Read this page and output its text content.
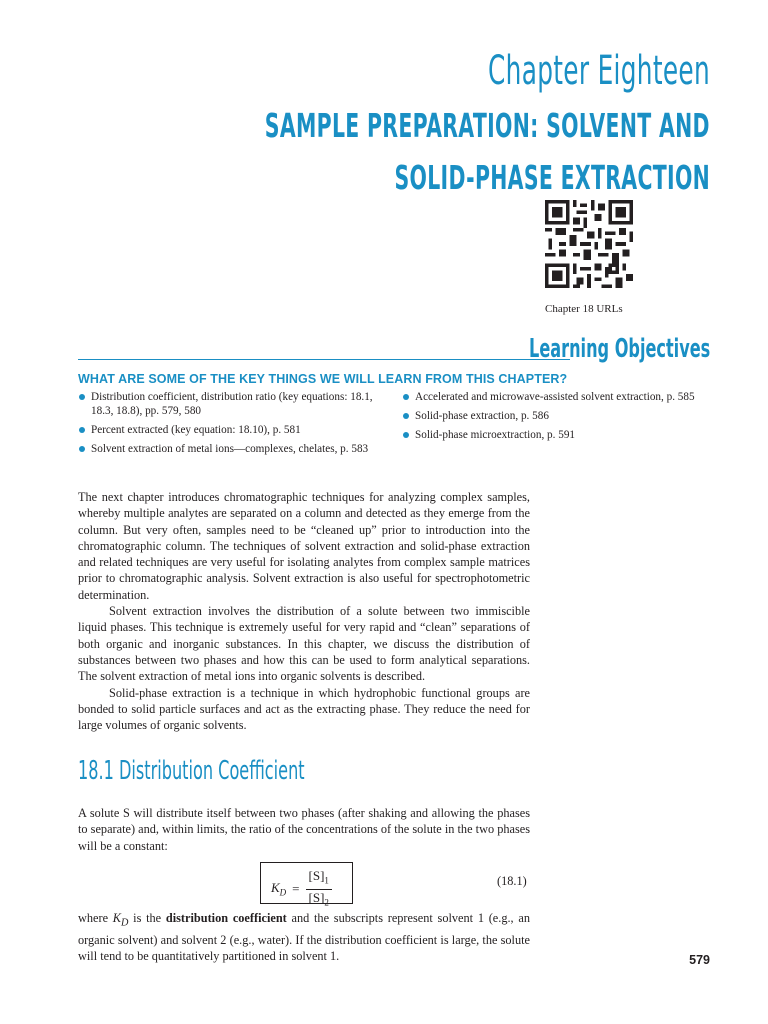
Chapter Eighteen
SAMPLE PREPARATION: SOLVENT AND
SOLID-PHASE EXTRACTION
Chapter 18 URLs
Learning Objectives
WHAT ARE SOME OF THE KEY THINGS WE WILL LEARN FROM THIS CHAPTER?
Distribution coefficient, distribution ratio (key equations: 18.1, 18.3, 18.8), pp. 579, 580
Percent extracted (key equation: 18.10), p. 581
Solvent extraction of metal ions—complexes, chelates, p. 583
Accelerated and microwave-assisted solvent extraction, p. 585
Solid-phase extraction, p. 586
Solid-phase microextraction, p. 591

The next chapter introduces chromatographic techniques for analyzing complex samples, whereby multiple analytes are separated on a column and detected as they emerge from the column. But very often, samples need to be “cleaned up” prior to introduction into the chromatographic column. The techniques of solvent extraction and solid-phase extraction and related techniques are very useful for isolating analytes from complex sample matrices prior to chromatographic analysis. Solvent extraction is also useful for spectrophotometric determination.

Solvent extraction involves the distribution of a solute between two immiscible liquid phases. This technique is extremely useful for very rapid and “clean” separations of both organic and inorganic substances. In this chapter, we discuss the distribution of substances between two phases and how this can be used to form analytical separations. The solvent extraction of metal ions into organic solvents is described.

Solid-phase extraction is a technique in which hydrophobic functional groups are bonded to solid particle surfaces and act as the extracting phase. They reduce the need for large volumes of organic solvents.

18.1 Distribution Coefficient

A solute S will distribute itself between two phases (after shaking and allowing the phases to separate) and, within limits, the ratio of the concentrations of the solute in the two phases will be a constant:

$K_D = \frac{[S]_1}{[S]_2}$	(18.1)

where $K_D$ is the distribution coefficient and the subscripts represent solvent 1 (e.g., an organic solvent) and solvent 2 (e.g., water). If the distribution coefficient is large, the solute will tend to be quantitatively partitioned in solvent 1.	579
